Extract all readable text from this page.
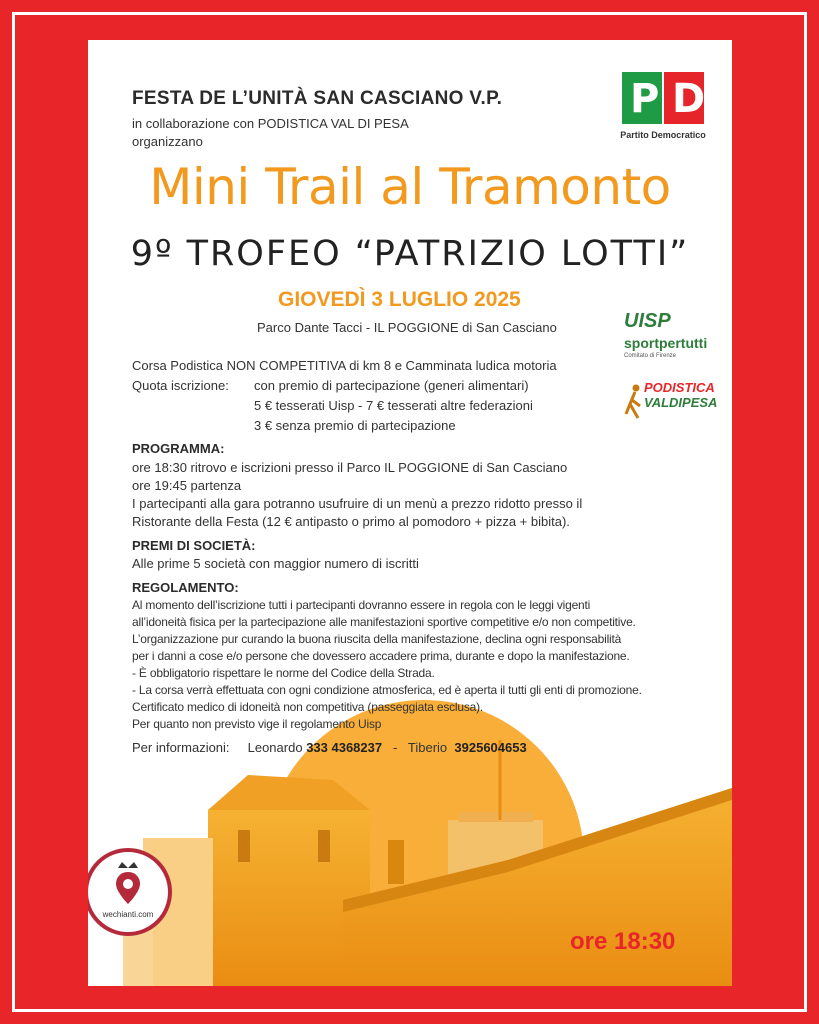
FESTA DE L’UNITÀ SAN CASCIANO V.P.

in collaborazione con PODISTICA VAL DI PESA

organizzano

P D
Partito Democratico

Mini Trail al Tramonto

9º TROFEO “PATRIZIO LOTTI”

GIOVEDÌ 3 LUGLIO 2025

Parco Dante Tacci - IL POGGIONE di San Casciano	UISP
sportpertutti
Comitato di Firenze
PODISTICA
VALDIPESA

Corsa Podistica NON COMPETITIVA di km 8 e Camminata ludica motoria

Quota iscrizione: con premio di partecipazione (generi alimentari)

5 € tesserati Uisp - 7 € tesserati altre federazioni

3 € senza premio di partecipazione

PROGRAMMA:

ore 18:30 ritrovo e iscrizioni presso il Parco IL POGGIONE di San Casciano

ore 19:45 partenza

I partecipanti alla gara potranno usufruire di un menù a prezzo ridotto presso il

Ristorante della Festa (12 € antipasto o primo al pomodoro + pizza + bibita).

PREMI DI SOCIETÀ:

Alle prime 5 società con maggior numero di iscritti

REGOLAMENTO:

Al momento dell’iscrizione tutti i partecipanti dovranno essere in regola con le leggi vigenti

all’idoneità fisica per la partecipazione alle manifestazioni sportive competitive e/o non competitive.

L’organizzazione pur curando la buona riuscita della manifestazione, declina ogni responsabilità

per i danni a cose e/o persone che dovessero accadere prima, durante e dopo la manifestazione.

- È obbligatorio rispettare le norme del Codice della Strada.

- La corsa verrà effettuata con ogni condizione atmosferica, ed è aperta il tutti gli enti di promozione.

Certificato medico di idoneità non competitiva (passeggiata esclusa).

Per quanto non previsto vige il regolamento Uisp

Per informazioni: Leonardo 333 4368237 - Tiberio 3925604653

wechianti.com

ore 18:30
